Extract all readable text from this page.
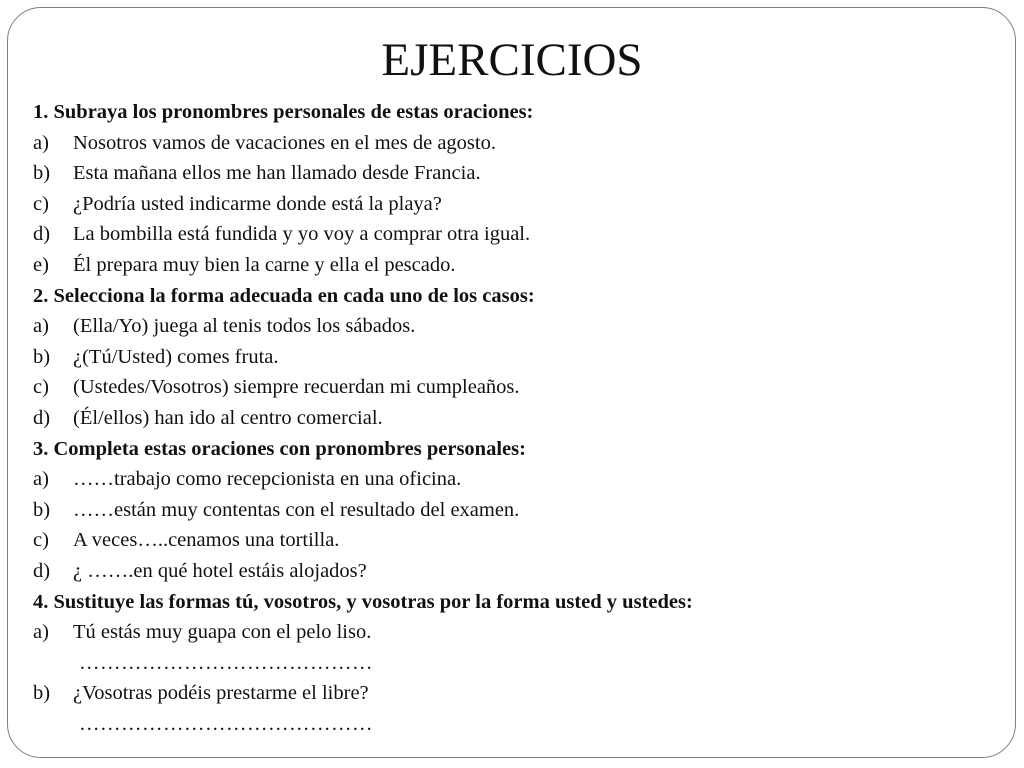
EJERCICIOS
1. Subraya los pronombres personales de estas oraciones:
a)	Nosotros vamos de vacaciones en el mes de agosto.
b)	Esta mañana ellos me han llamado desde Francia.
c)	¿Podría usted indicarme donde está la playa?
d)	La bombilla está fundida y yo voy a comprar otra igual.
e)	Él prepara muy bien la carne y ella el pescado.
2. Selecciona la forma adecuada en cada uno de los casos:
a)	(Ella/Yo) juega al tenis todos los sábados.
b)	¿(Tú/Usted) comes fruta.
c)	(Ustedes/Vosotros) siempre recuerdan mi cumpleaños.
d)	(Él/ellos) han ido al centro comercial.
3. Completa estas oraciones con pronombres personales:
a)	……trabajo como recepcionista en una oficina.
b)	……están muy contentas con el resultado del examen.
c)	A veces…..cenamos una tortilla.
d)	¿ …….en qué hotel estáis alojados?
4. Sustituye las formas tú, vosotros, y vosotras por la forma usted y ustedes:
a)	Tú estás muy guapa con el pelo liso.
……………………………………
b)	¿Vosotras podéis prestarme el libre?
……………………………………
